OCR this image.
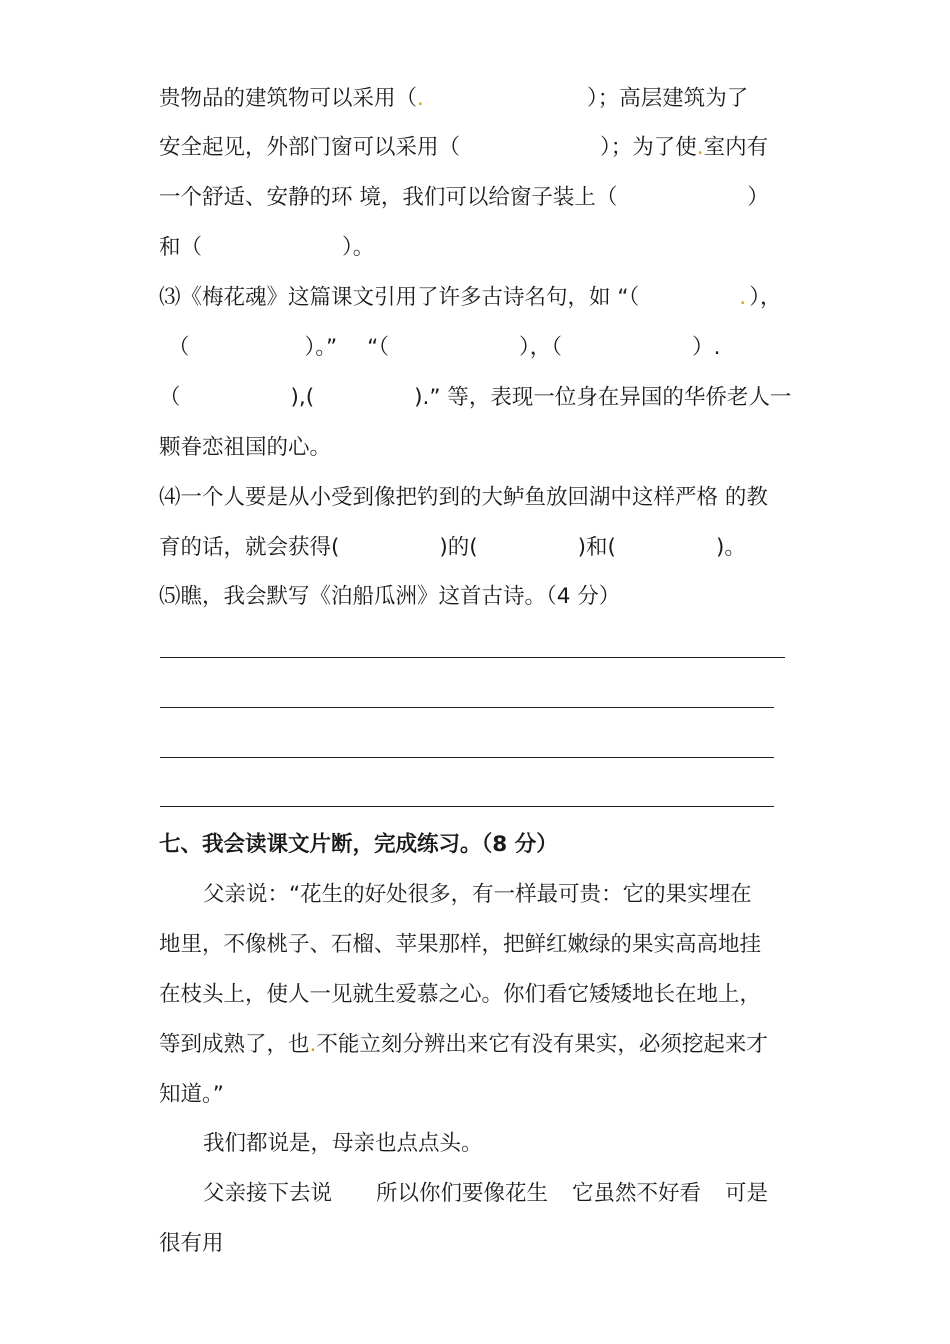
贵物品的建筑物可以采用（.	）；高层建筑为了

安全起见，外部门窗可以采用（	）；为了使.室内有

一个舒适、安静的环 境，我们可以给窗子装上（	）

和（	）。

⑶《梅花魂》这篇课文引用了许多古诗名句，如 “（	. ），

（	）。” “（	），（	）.

（	),(	).” 等，表现一位身在异国的华侨老人一

颗眷恋祖国的心。

⑷一个人要是从小受到像把钓到的大鲈鱼放回湖中这样严格 的教

育的话，就会获得(	)的(	)和(	)。

⑸瞧，我会默写《泊船瓜洲》这首古诗。（4 分）

七、我会读课文片断，完成练习。（8 分）

父亲说：“花生的好处很多，有一样最可贵：它的果实埋在

地里，不像桃子、石榴、苹果那样，把鲜红嫩绿的果实高高地挂

在枝头上，使人一见就生爱慕之心。你们看它矮矮地长在地上，

等到成熟了，也.不能立刻分辨出来它有没有果实，必须挖起来才

知道。”

我们都说是，母亲也点点头。

父亲接下去说 所以你们要像花生 它虽然不好看 可是

很有用
